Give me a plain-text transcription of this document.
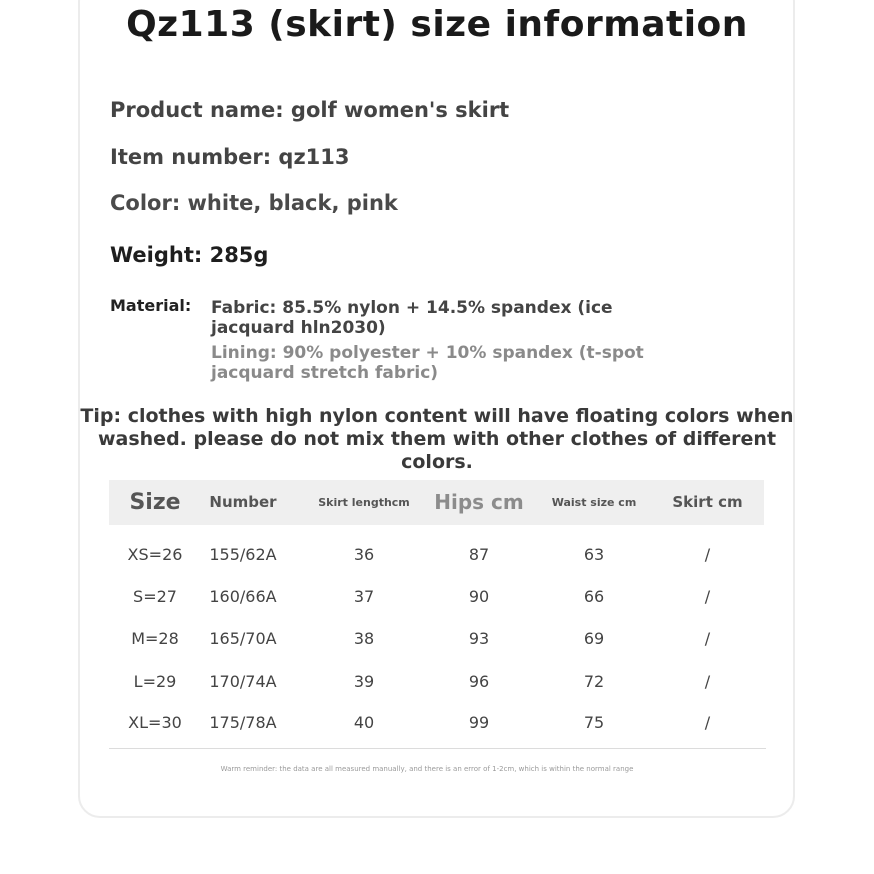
Qz113 (skirt) size information
Product name: golf women's skirt
Item number: qz113
Color: white, black, pink
Weight: 285g
Material: Fabric: 85.5% nylon + 14.5% spandex (ice
jacquard hln2030)
Lining: 90% polyester + 10% spandex (t-spot
jacquard stretch fabric)
Tip: clothes with high nylon content will have floating colors when
washed. please do not mix them with other clothes of different colors.
Size	Number	Skirt lengthcm	Hips cm	Waist size cm	Skirt cm
XS=26	155/62A	36	87	63	/
S=27	160/66A	37	90	66	/
M=28	165/70A	38	93	69	/
L=29	170/74A	39	96	72	/
XL=30	175/78A	40	99	75	/
Warm reminder: the data are all measured manually, and there is an error of 1-2cm, which is within the normal range
